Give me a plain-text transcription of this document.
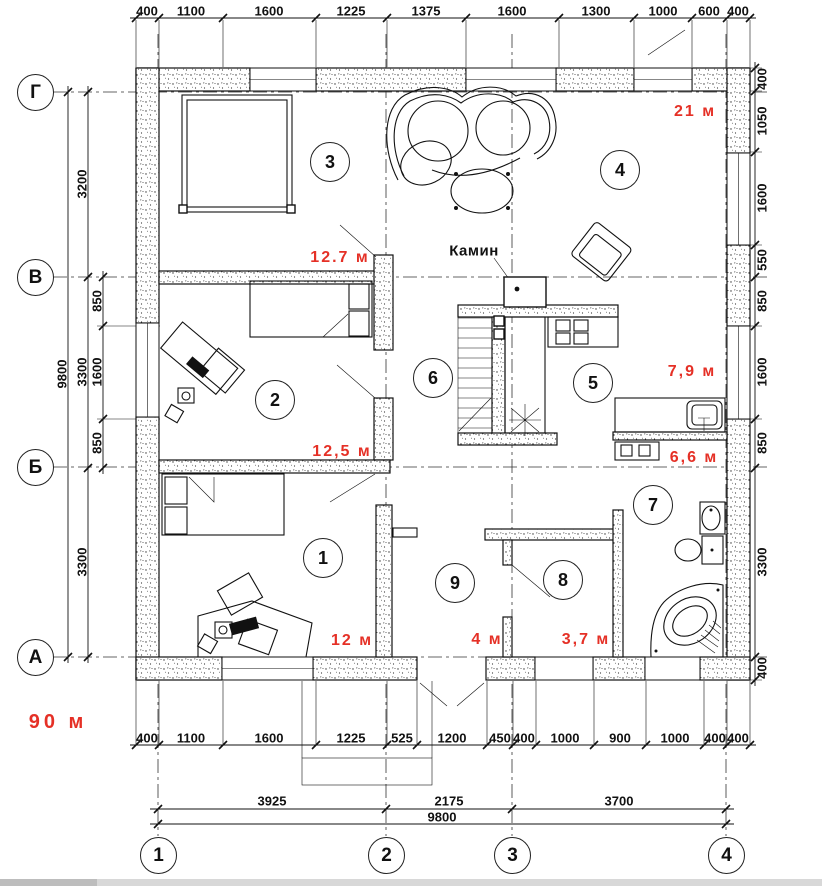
400 1100	1600	1225	1375	1600	1300	1000 600 400
400 1100	1600	1225 525 1200 450 400 1000 900 1000 400 400
3925	2175	3700
9800
9800
3200
3300
3300
850
1600
850
400
1050
1600
550
850
1600
850
3300
400
Г
В
Б
А
1	2	3	4
1
2
3	4
5
6
7
8
9
12 м
12,5 м
12.7 м
21 м
7,9 м
6,6 м
3,7 м
4 м
90 м
Камин
